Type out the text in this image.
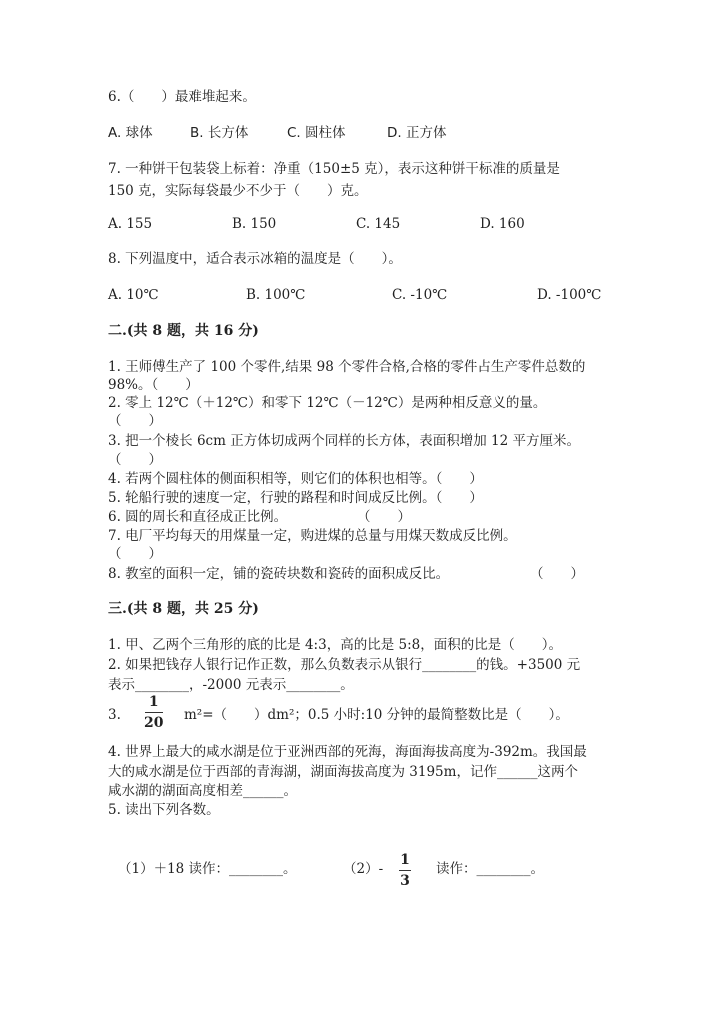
6.（　　）最难堆起来。
A. 球体	B. 长方体	C. 圆柱体	D. 正方体
7. 一种饼干包装袋上标着：净重（150±5 克），表示这种饼干标准的质量是
150 克，实际每袋最少不少于（　　）克。
A. 155	B. 150	C. 145	D. 160
8. 下列温度中，适合表示冰箱的温度是（　　）。
A. 10℃	B. 100℃	C. -10℃	D. -100℃
二.(共 8 题，共 16 分)
1. 王师傅生产了 100 个零件,结果 98 个零件合格,合格的零件占生产零件总数的
98%。（　　）
2. 零上 12℃（＋12℃）和零下 12℃（－12℃）是两种相反意义的量。
（　　）
3. 把一个棱长 6cm 正方体切成两个同样的长方体，表面积增加 12 平方厘米。
（　　）
4. 若两个圆柱体的侧面积相等，则它们的体积也相等。（　　）
5. 轮船行驶的速度一定，行驶的路程和时间成反比例。（　　）
6. 圆的周长和直径成正比例。	（　　）
7. 电厂平均每天的用煤量一定，购进煤的总量与用煤天数成反比例。
（　　）
8. 教室的面积一定，铺的瓷砖块数和瓷砖的面积成反比。	（　　）
三.(共 8 题，共 25 分)
1. 甲、乙两个三角形的底的比是 4:3，高的比是 5:8，面积的比是（　　）。
2. 如果把钱存人银行记作正数，那么负数表示从银行________的钱。+3500 元
表示________，-2000 元表示________。
3.
1
20 m²=（　　）dm²；0.5 小时:10 分钟的最简整数比是（　　）。
4. 世界上最大的咸水湖是位于亚洲西部的死海，海面海拔高度为-392m。我国最
大的咸水湖是位于西部的青海湖，湖面海拔高度为 3195m，记作______这两个
咸水湖的湖面高度相差______。
5. 读出下列各数。
（1）＋18 读作：________。	（2）-
1
3
读作：________。
